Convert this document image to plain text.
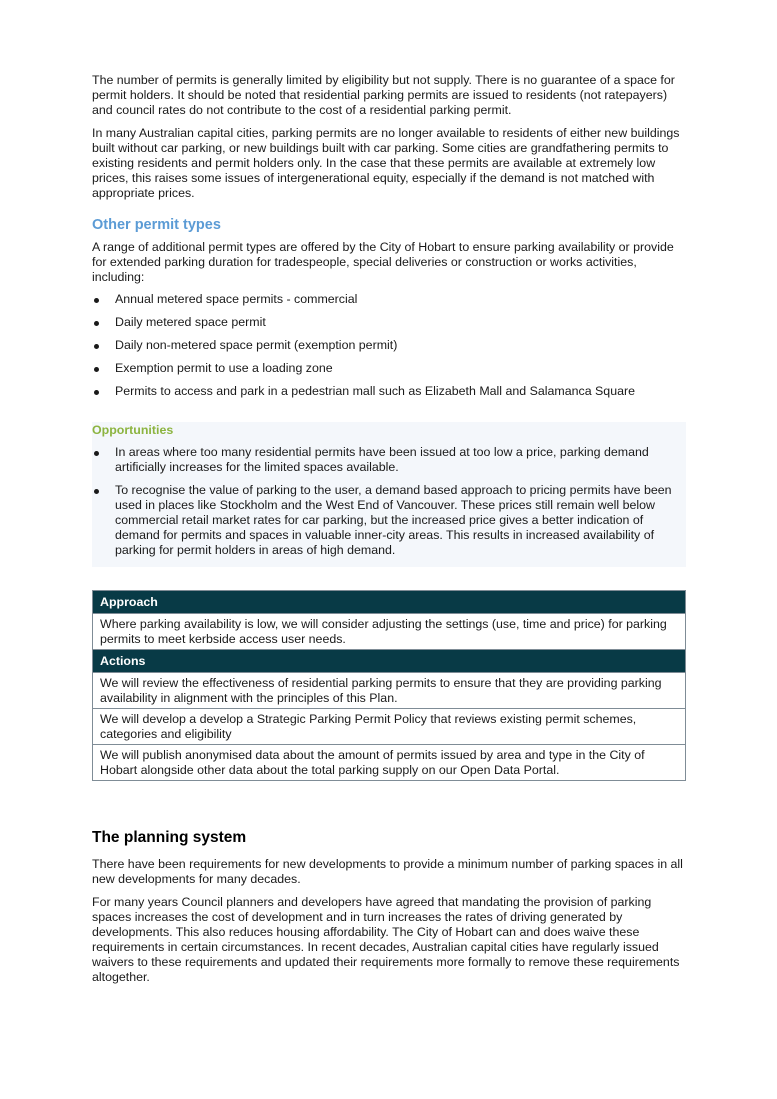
The number of permits is generally limited by eligibility but not supply. There is no guarantee of a space for permit holders. It should be noted that residential parking permits are issued to residents (not ratepayers) and council rates do not contribute to the cost of a residential parking permit.

In many Australian capital cities, parking permits are no longer available to residents of either new buildings built without car parking, or new buildings built with car parking. Some cities are grandfathering permits to existing residents and permit holders only. In the case that these permits are available at extremely low prices, this raises some issues of intergenerational equity, especially if the demand is not matched with appropriate prices.

Other permit types

A range of additional permit types are offered by the City of Hobart to ensure parking availability or provide for extended parking duration for tradespeople, special deliveries or construction or works activities, including:

Annual metered space permits - commercial
Daily metered space permit
Daily non-metered space permit (exemption permit)
Exemption permit to use a loading zone
Permits to access and park in a pedestrian mall such as Elizabeth Mall and Salamanca Square
Opportunities
In areas where too many residential permits have been issued at too low a price, parking demand artificially increases for the limited spaces available.
To recognise the value of parking to the user, a demand based approach to pricing permits have been used in places like Stockholm and the West End of Vancouver. These prices still remain well below commercial retail market rates for car parking, but the increased price gives a better indication of demand for permits and spaces in valuable inner-city areas. This results in increased availability of parking for permit holders in areas of high demand.
Approach
Where parking availability is low, we will consider adjusting the settings (use, time and price) for parking permits to meet kerbside access user needs.
Actions
We will review the effectiveness of residential parking permits to ensure that they are providing parking availability in alignment with the principles of this Plan.
We will develop a develop a Strategic Parking Permit Policy that reviews existing permit schemes, categories and eligibility
We will publish anonymised data about the amount of permits issued by area and type in the City of Hobart alongside other data about the total parking supply on our Open Data Portal.
The planning system

There have been requirements for new developments to provide a minimum number of parking spaces in all new developments for many decades.

For many years Council planners and developers have agreed that mandating the provision of parking spaces increases the cost of development and in turn increases the rates of driving generated by developments. This also reduces housing affordability. The City of Hobart can and does waive these requirements in certain circumstances. In recent decades, Australian capital cities have regularly issued waivers to these requirements and updated their requirements more formally to remove these requirements altogether.
